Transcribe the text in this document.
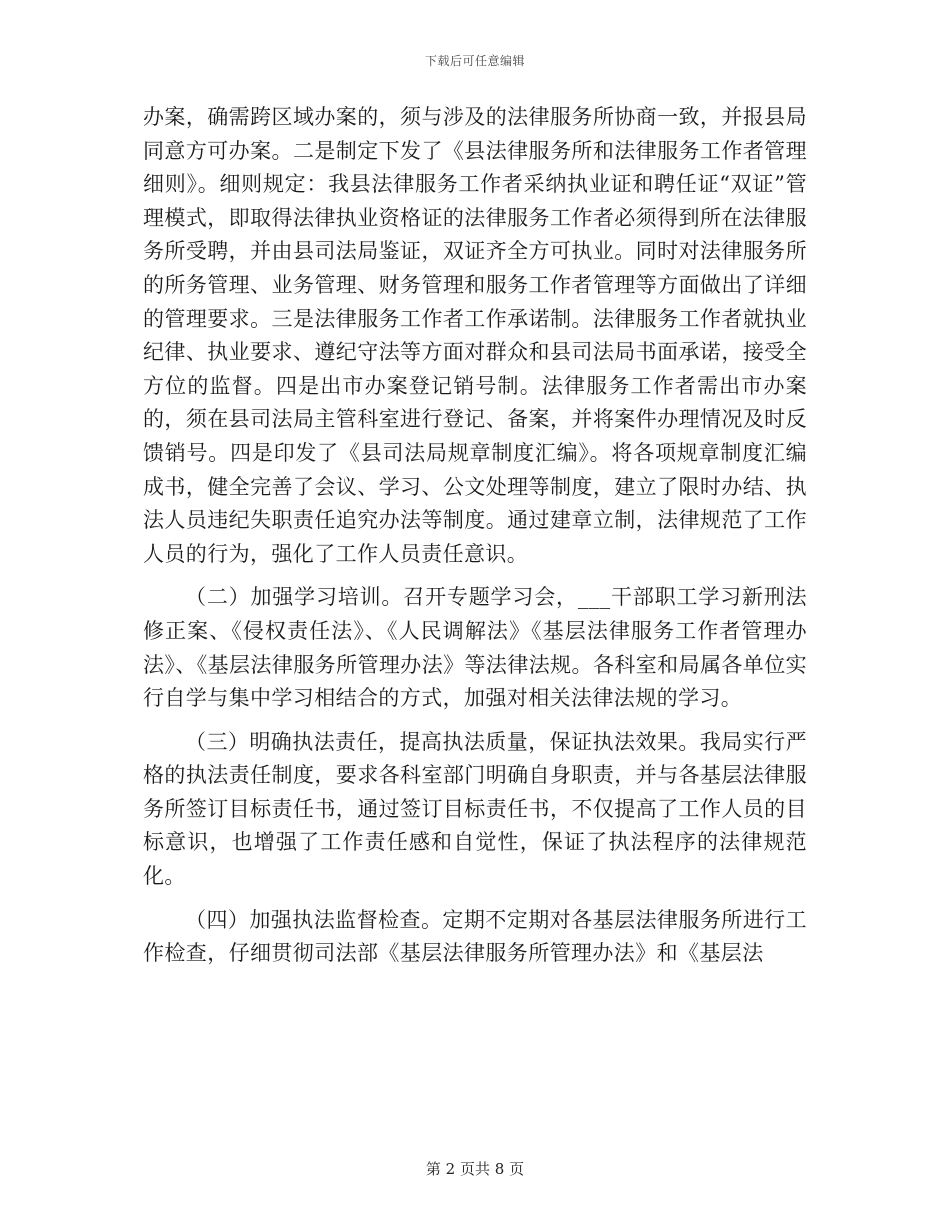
下载后可任意编辑

办案，确需跨区域办案的，须与涉及的法律服务所协商一致，并报县局同意方可办案。二是制定下发了《县法律服务所和法律服务工作者管理细则》。细则规定：我县法律服务工作者采纳执业证和聘任证“双证”管理模式，即取得法律执业资格证的法律服务工作者必须得到所在法律服务所受聘，并由县司法局鉴证，双证齐全方可执业。同时对法律服务所的所务管理、业务管理、财务管理和服务工作者管理等方面做出了详细的管理要求。三是法律服务工作者工作承诺制。法律服务工作者就执业纪律、执业要求、遵纪守法等方面对群众和县司法局书面承诺，接受全方位的监督。四是出市办案登记销号制。法律服务工作者需出市办案的，须在县司法局主管科室进行登记、备案，并将案件办理情况及时反馈销号。四是印发了《县司法局规章制度汇编》。将各项规章制度汇编成书，健全完善了会议、学习、公文处理等制度，建立了限时办结、执法人员违纪失职责任追究办法等制度。通过建章立制，法律规范了工作人员的行为，强化了工作人员责任意识。

（二）加强学习培训。召开专题学习会，___干部职工学习新刑法修正案、《侵权责任法》、《人民调解法》《基层法律服务工作者管理办法》、《基层法律服务所管理办法》等法律法规。各科室和局属各单位实行自学与集中学习相结合的方式，加强对相关法律法规的学习。

（三）明确执法责任，提高执法质量，保证执法效果。我局实行严格的执法责任制度，要求各科室部门明确自身职责，并与各基层法律服务所签订目标责任书，通过签订目标责任书，不仅提高了工作人员的目标意识，也增强了工作责任感和自觉性，保证了执法程序的法律规范化。

（四）加强执法监督检查。定期不定期对各基层法律服务所进行工作检查，仔细贯彻司法部《基层法律服务所管理办法》和《基层法

第 2 页共 8 页
